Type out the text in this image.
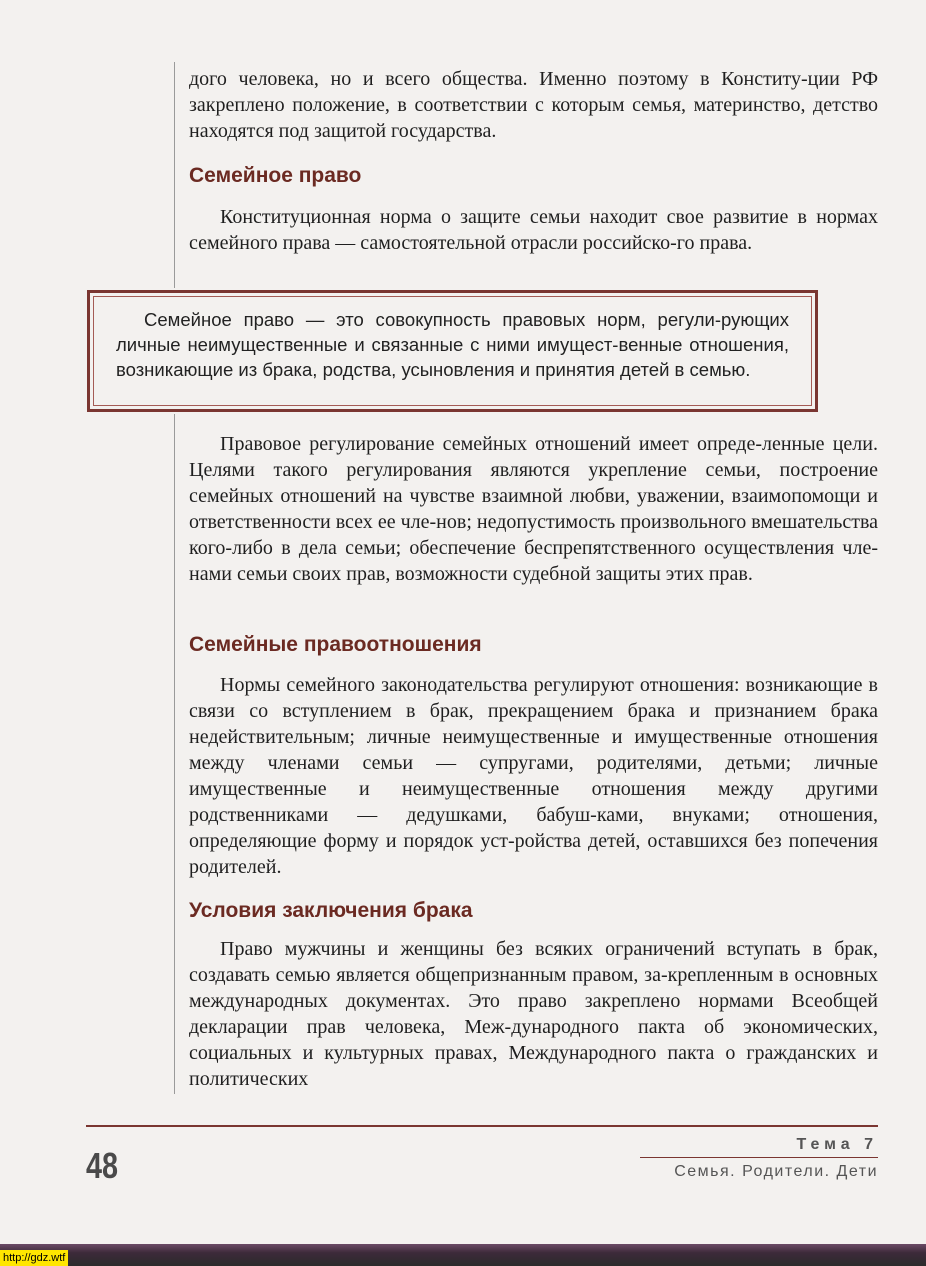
дого человека, но и всего общества. Именно поэтому в Конститу-ции РФ закреплено положение, в соответствии с которым семья, материнство, детство находятся под защитой государства.

Семейное право

Конституционная норма о защите семьи находит свое развитие в нормах семейного права — самостоятельной отрасли российско-го права.

Семейное право — это совокупность правовых норм, регули-рующих личные неимущественные и связанные с ними имущест-венные отношения, возникающие из брака, родства, усыновления и принятия детей в семью.

Правовое регулирование семейных отношений имеет опреде-ленные цели. Целями такого регулирования являются укрепление семьи, построение семейных отношений на чувстве взаимной любви, уважении, взаимопомощи и ответственности всех ее чле-нов; недопустимость произвольного вмешательства кого-либо в дела семьи; обеспечение беспрепятственного осуществления чле-нами семьи своих прав, возможности судебной защиты этих прав.

Семейные правоотношения

Нормы семейного законодательства регулируют отношения: возникающие в связи со вступлением в брак, прекращением брака и признанием брака недействительным; личные неимущественные и имущественные отношения между членами семьи — супругами, родителями, детьми; личные имущественные и неимущественные отношения между другими родственниками — дедушками, бабуш-ками, внуками; отношения, определяющие форму и порядок уст-ройства детей, оставшихся без попечения родителей.

Условия заключения брака

Право мужчины и женщины без всяких ограничений вступать в брак, создавать семью является общепризнанным правом, за-крепленным в основных международных документах. Это право закреплено нормами Всеобщей декларации прав человека, Меж-дународного пакта об экономических, социальных и культурных правах, Международного пакта о гражданских и политических

48
Тема 7
Семья. Родители. Дети
http://gdz.wtf
